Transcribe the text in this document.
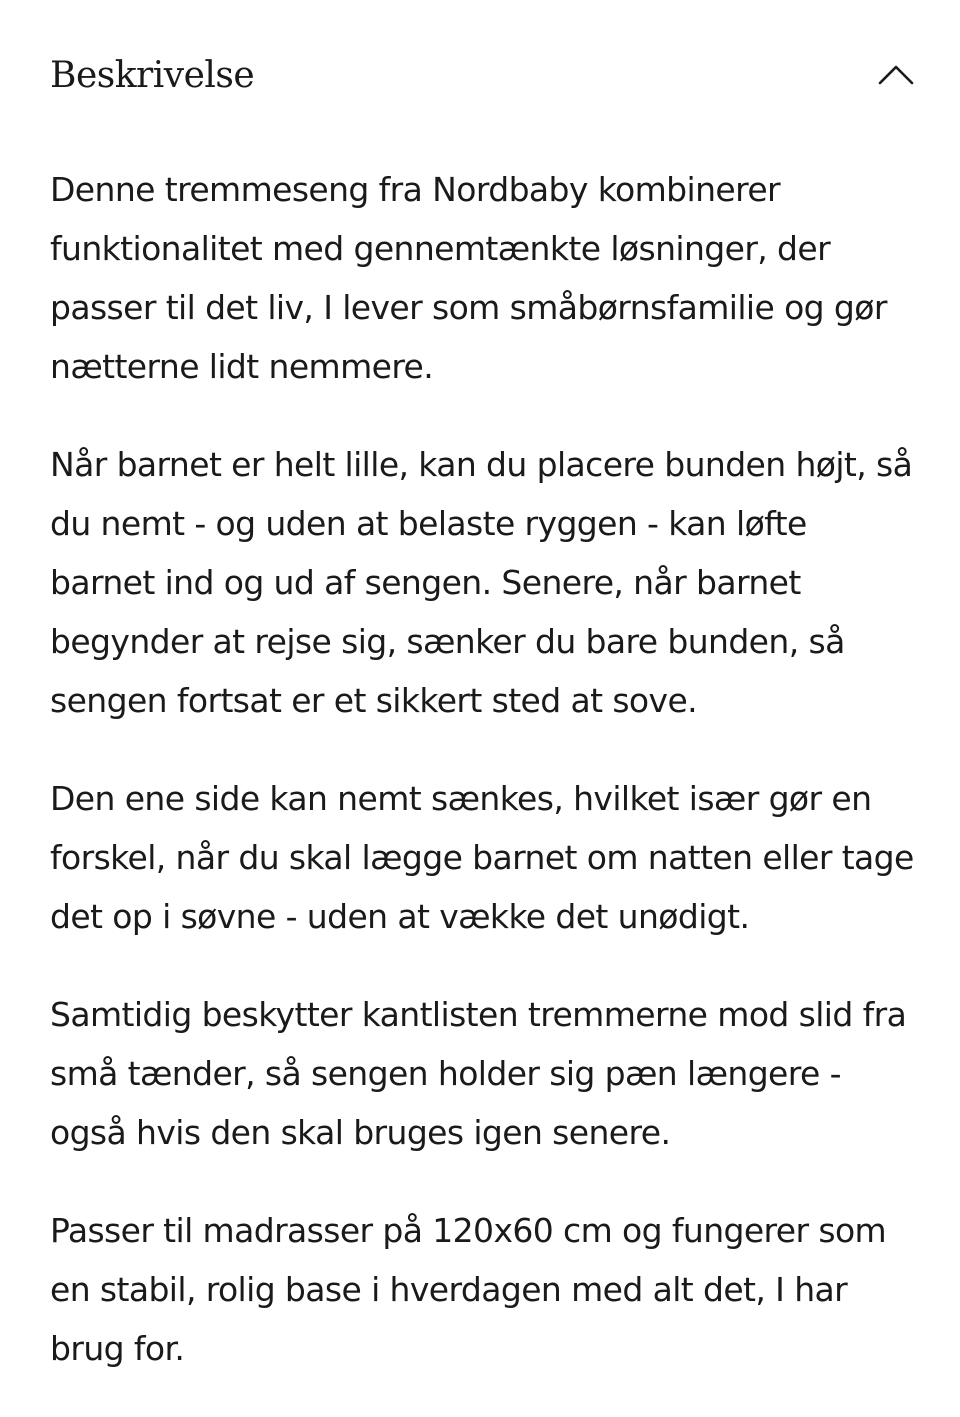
Beskrivelse

Denne tremmeseng fra Nordbaby kombinerer funktionalitet med gennemtænkte løsninger, der passer til det liv, I lever som småbørnsfamilie og gør nætterne lidt nemmere.

Når barnet er helt lille, kan du placere bunden højt, så du nemt - og uden at belaste ryggen - kan løfte barnet ind og ud af sengen. Senere, når barnet begynder at rejse sig, sænker du bare bunden, så sengen fortsat er et sikkert sted at sove.

Den ene side kan nemt sænkes, hvilket især gør en forskel, når du skal lægge barnet om natten eller tage det op i søvne - uden at vække det unødigt.

Samtidig beskytter kantlisten tremmerne mod slid fra små tænder, så sengen holder sig pæn længere - også hvis den skal bruges igen senere.

Passer til madrasser på 120x60 cm og fungerer som en stabil, rolig base i hverdagen med alt det, I har brug for.
